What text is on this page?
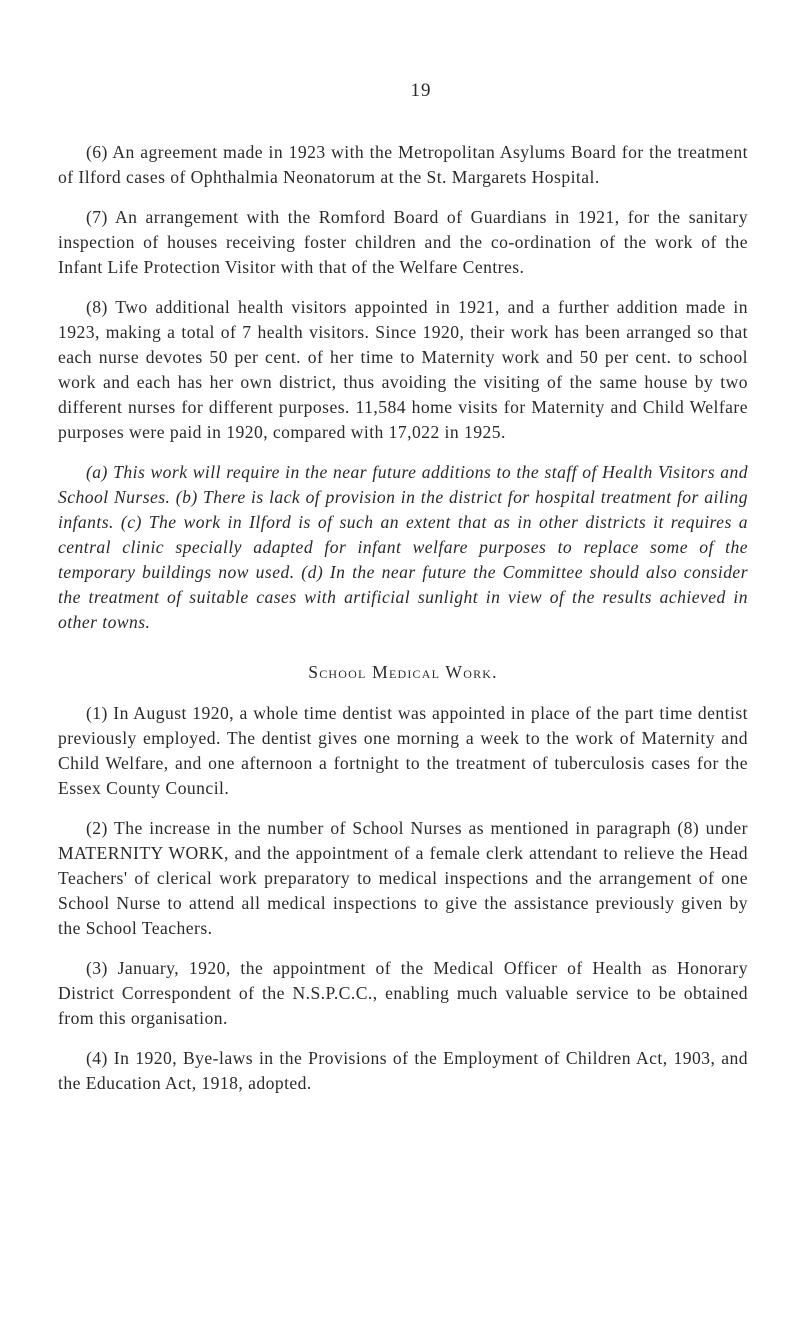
19

(6) An agreement made in 1923 with the Metropolitan Asylums Board for the treatment of Ilford cases of Ophthalmia Neonatorum at the St. Margarets Hospital.

(7) An arrangement with the Romford Board of Guardians in 1921, for the sanitary inspection of houses receiving foster children and the co-ordination of the work of the Infant Life Protection Visitor with that of the Welfare Centres.

(8) Two additional health visitors appointed in 1921, and a further addition made in 1923, making a total of 7 health visitors. Since 1920, their work has been arranged so that each nurse devotes 50 per cent. of her time to Maternity work and 50 per cent. to school work and each has her own district, thus avoiding the visiting of the same house by two different nurses for different purposes. 11,584 home visits for Maternity and Child Welfare purposes were paid in 1920, compared with 17,022 in 1925.

(a) This work will require in the near future additions to the staff of Health Visitors and School Nurses. (b) There is lack of provision in the district for hospital treatment for ailing infants. (c) The work in Ilford is of such an extent that as in other districts it requires a central clinic specially adapted for infant welfare purposes to replace some of the temporary buildings now used. (d) In the near future the Committee should also consider the treatment of suitable cases with artificial sunlight in view of the results achieved in other towns.

School Medical Work.

(1) In August 1920, a whole time dentist was appointed in place of the part time dentist previously employed. The dentist gives one morning a week to the work of Maternity and Child Welfare, and one afternoon a fortnight to the treatment of tuberculosis cases for the Essex County Council.

(2) The increase in the number of School Nurses as mentioned in paragraph (8) under MATERNITY WORK, and the appointment of a female clerk attendant to relieve the Head Teachers' of clerical work preparatory to medical inspections and the arrangement of one School Nurse to attend all medical inspections to give the assistance previously given by the School Teachers.

(3) January, 1920, the appointment of the Medical Officer of Health as Honorary District Correspondent of the N.S.P.C.C., enabling much valuable service to be obtained from this organisation.

(4) In 1920, Bye-laws in the Provisions of the Employment of Children Act, 1903, and the Education Act, 1918, adopted.
